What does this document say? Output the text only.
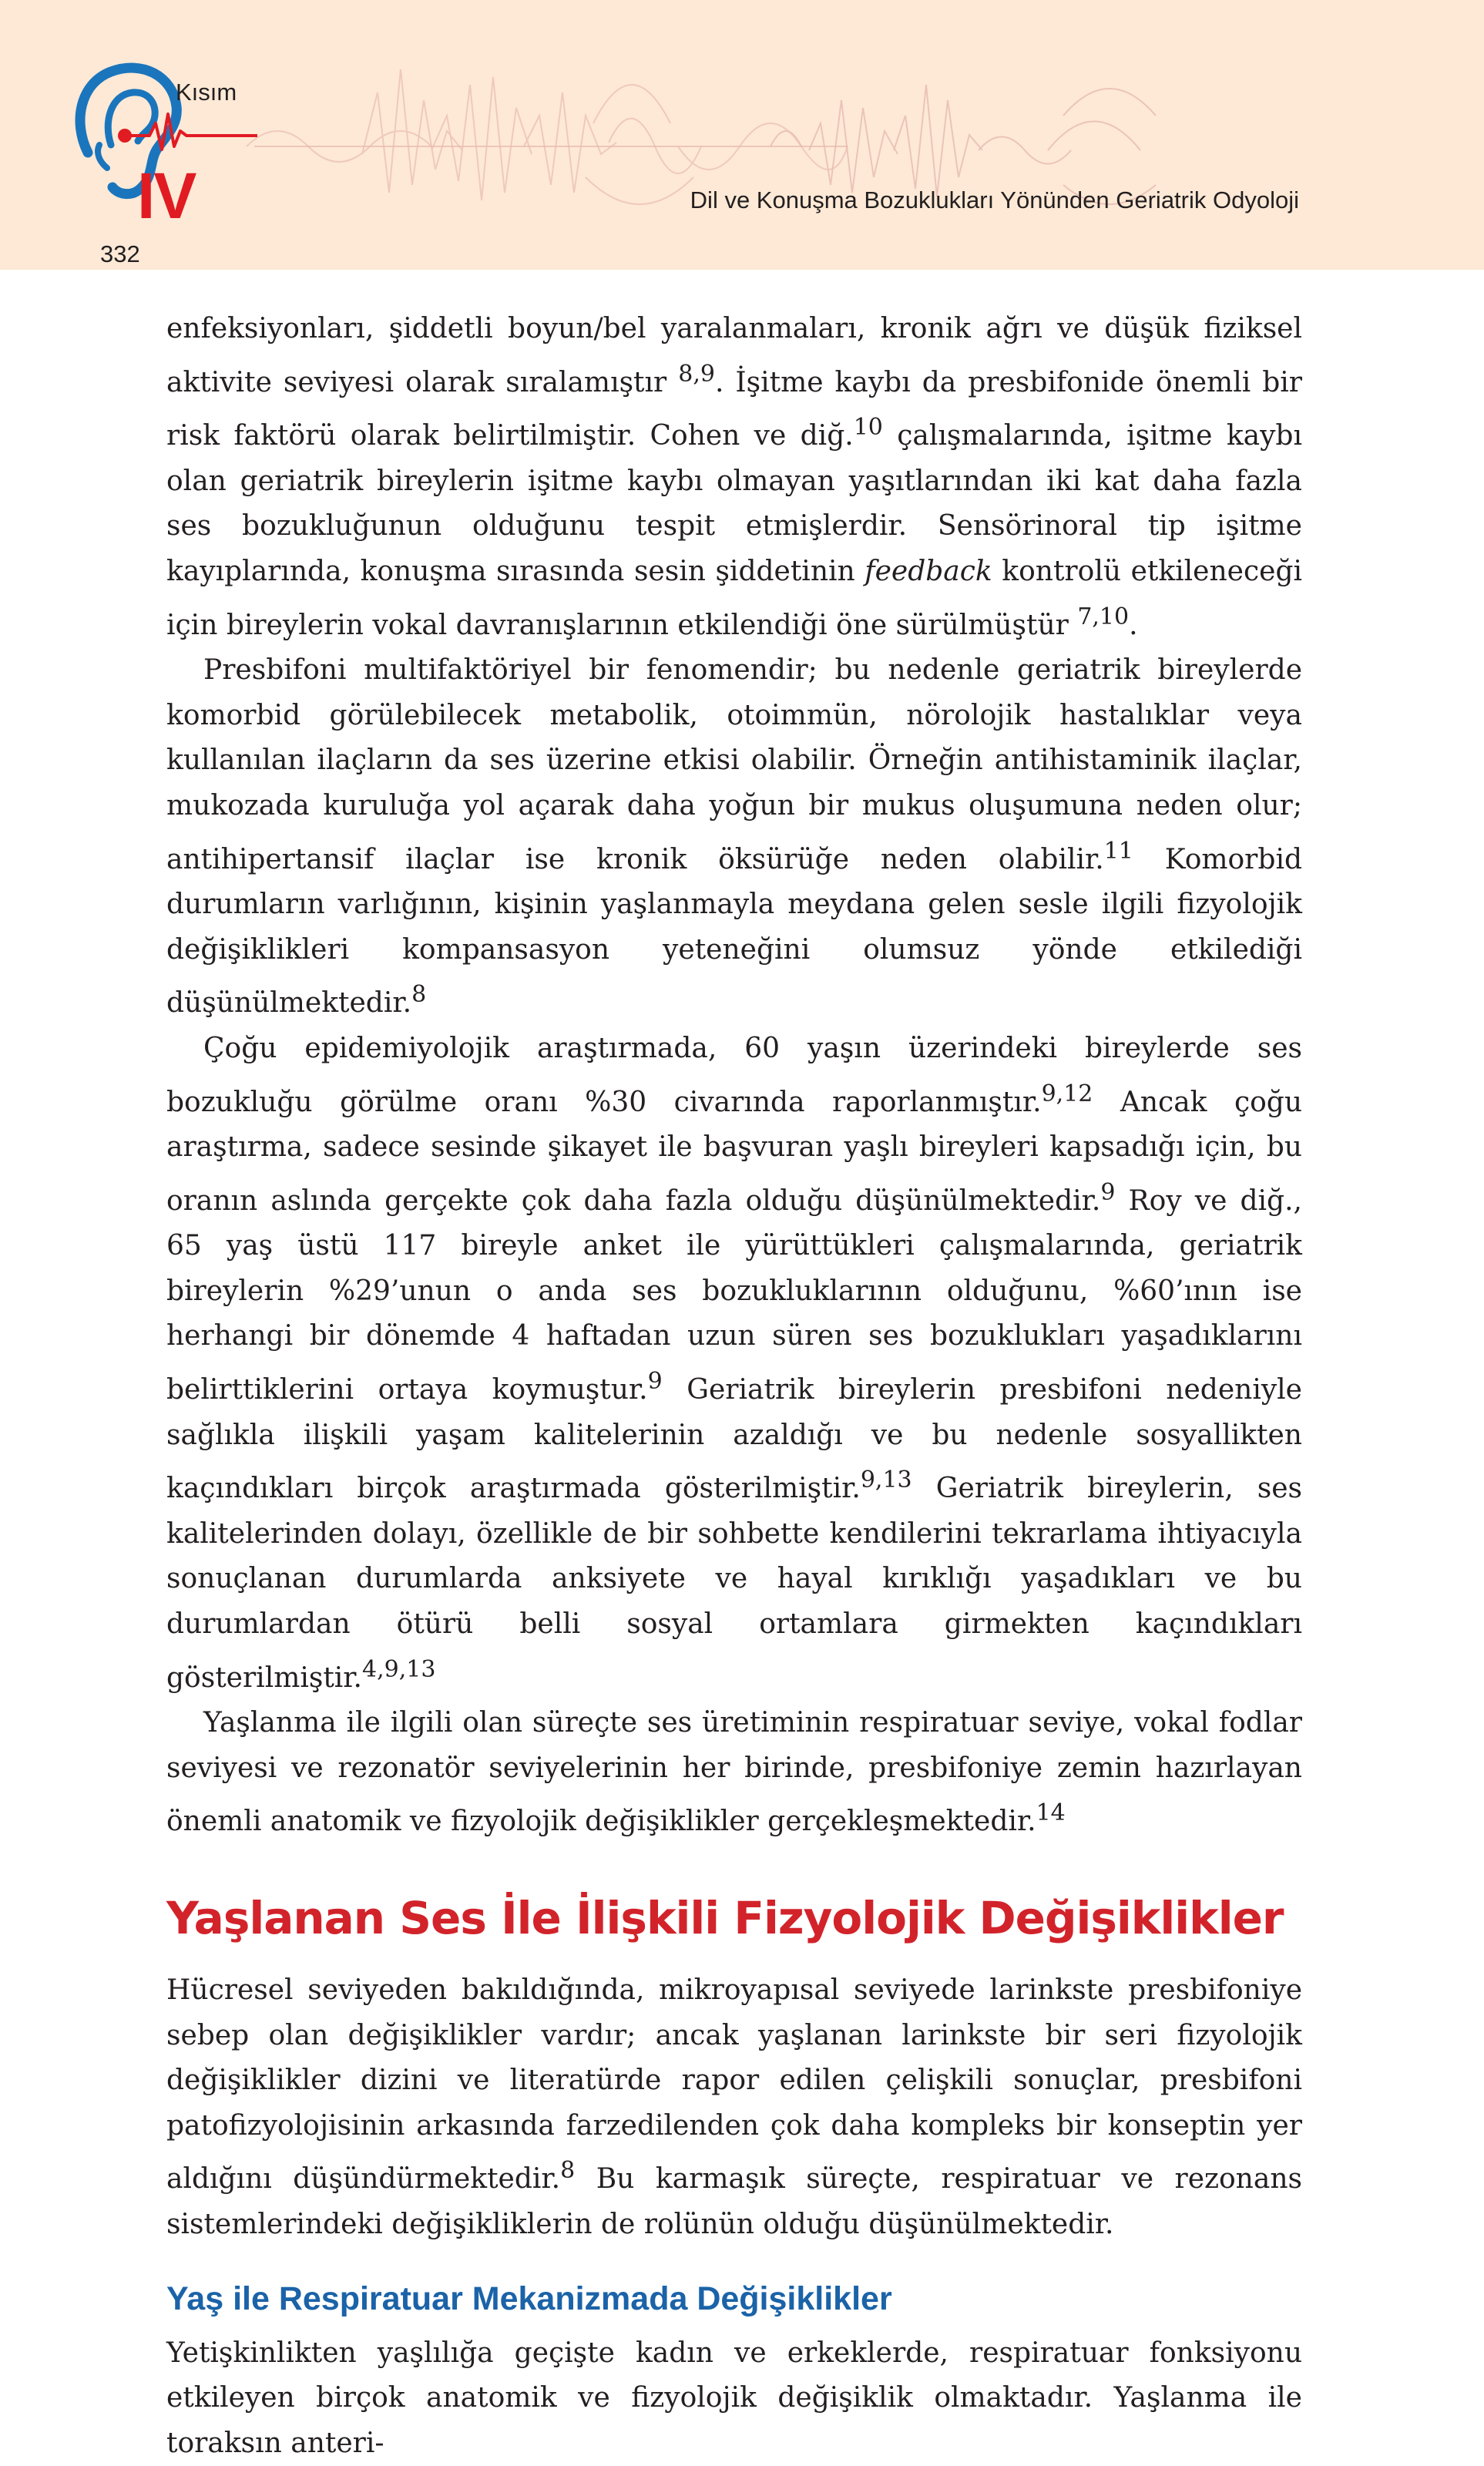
Kısım
IV
332
Dil ve Konuşma Bozuklukları Yönünden Geriatrik Odyoloji

enfeksiyonları, şiddetli boyun/bel yaralanmaları, kronik ağrı ve düşük fiziksel aktivite seviyesi olarak sıralamıştır $^{8,9}$. İşitme kaybı da presbifonide önemli bir risk faktörü olarak belirtilmiştir. Cohen ve diğ.$^{10}$ çalışmalarında, işitme kaybı olan geriatrik bireylerin işitme kaybı olmayan yaşıtlarından iki kat daha fazla ses bozukluğunun olduğunu tespit etmişlerdir. Sensörinoral tip işitme kayıplarında, konuşma sırasında sesin şiddetinin feedback kontrolü etkileneceği için bireylerin vokal davranışlarının etkilendiği öne sürülmüştür $^{7,10}$.

Presbifoni multifaktöriyel bir fenomendir; bu nedenle geriatrik bireylerde komorbid görülebilecek metabolik, otoimmün, nörolojik hastalıklar veya kullanılan ilaçların da ses üzerine etkisi olabilir. Örneğin antihistaminik ilaçlar, mukozada kuruluğa yol açarak daha yoğun bir mukus oluşumuna neden olur; antihipertansif ilaçlar ise kronik öksürüğe neden olabilir.$^{11}$ Komorbid durumların varlığının, kişinin yaşlanmayla meydana gelen sesle ilgili fizyolojik değişiklikleri kompansasyon yeteneğini olumsuz yönde etkilediği düşünülmektedir.$^8$

Çoğu epidemiyolojik araştırmada, 60 yaşın üzerindeki bireylerde ses bozukluğu görülme oranı %30 civarında raporlanmıştır.$^{9,12}$ Ancak çoğu araştırma, sadece sesinde şikayet ile başvuran yaşlı bireyleri kapsadığı için, bu oranın aslında gerçekte çok daha fazla olduğu düşünülmektedir.$^9$ Roy ve diğ., 65 yaş üstü 117 bireyle anket ile yürüttükleri çalışmalarında, geriatrik bireylerin %29’unun o anda ses bozukluklarının olduğunu, %60’ının ise herhangi bir dönemde 4 haftadan uzun süren ses bozuklukları yaşadıklarını belirttiklerini ortaya koymuştur.$^9$ Geriatrik bireylerin presbifoni nedeniyle sağlıkla ilişkili yaşam kalitelerinin azaldığı ve bu nedenle sosyallikten kaçındıkları birçok araştırmada gösterilmiştir.$^{9,13}$ Geriatrik bireylerin, ses kalitelerinden dolayı, özellikle de bir sohbette kendilerini tekrarlama ihtiyacıyla sonuçlanan durumlarda anksiyete ve hayal kırıklığı yaşadıkları ve bu durumlardan ötürü belli sosyal ortamlara girmekten kaçındıkları gösterilmiştir.$^{4,9,13}$

Yaşlanma ile ilgili olan süreçte ses üretiminin respiratuar seviye, vokal fodlar seviyesi ve rezonatör seviyelerinin her birinde, presbifoniye zemin hazırlayan önemli anatomik ve fizyolojik değişiklikler gerçekleşmektedir.$^{14}$

Yaşlanan Ses İle İlişkili Fizyolojik Değişiklikler

Hücresel seviyeden bakıldığında, mikroyapısal seviyede larinkste presbifoniye sebep olan değişiklikler vardır; ancak yaşlanan larinkste bir seri fizyolojik değişiklikler dizini ve literatürde rapor edilen çelişkili sonuçlar, presbifoni patofizyolojisinin arkasında farzedilenden çok daha kompleks bir konseptin yer aldığını düşündürmektedir.$^8$ Bu karmaşık süreçte, respiratuar ve rezonans sistemlerindeki değişikliklerin de rolünün olduğu düşünülmektedir.

Yaş ile Respiratuar Mekanizmada Değişiklikler

Yetişkinlikten yaşlılığa geçişte kadın ve erkeklerde, respiratuar fonksiyonu etkileyen birçok anatomik ve fizyolojik değişiklik olmaktadır. Yaşlanma ile toraksın anteri-
